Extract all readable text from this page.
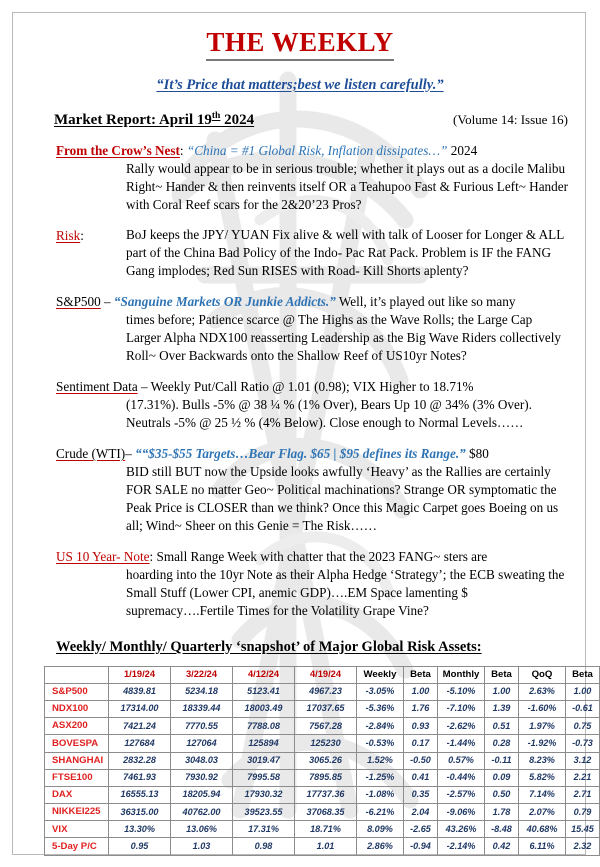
THE WEEKLY
“It’s Price that matters;best we listen carefully.”
Market Report: April 19th 2024	(Volume 14: Issue 16)

From the Crow’s Nest: “China = #1 Global Risk, Inflation dissipates…” 2024

Rally would appear to be in serious trouble; whether it plays out as a docile Malibu Right~ Hander & then reinvents itself OR a Teahupoo Fast & Furious Left~ Hander with Coral Reef scars for the 2&20’23 Pros?

Risk:	BoJ keeps the JPY/ YUAN Fix alive & well with talk of Looser for Longer & ALL part of the China Bad Policy of the Indo- Pac Rat Pack. Problem is IF the FANG Gang implodes; Red Sun RISES with Road- Kill Shorts aplenty?

S&P500 – “Sanguine Markets OR Junkie Addicts.” Well, it’s played out like so many

times before; Patience scarce @ The Highs as the Wave Rolls; the Large Cap Larger Alpha NDX100 reasserting Leadership as the Big Wave Riders collectively Roll~ Over Backwards onto the Shallow Reef of US10yr Notes?

Sentiment Data – Weekly Put/Call Ratio @ 1.01 (0.98); VIX Higher to 18.71%

(17.31%). Bulls -5% @ 38 ¼ % (1% Over), Bears Up 10 @ 34% (3% Over). Neutrals -5% @ 25 ½ % (4% Below). Close enough to Normal Levels……

Crude (WTI)– ““$35-$55 Targets…Bear Flag. $65 | $95 defines its Range.” $80

BID still BUT now the Upside looks awfully ‘Heavy’ as the Rallies are certainly FOR SALE no matter Geo~ Political machinations? Strange OR symptomatic the Peak Price is CLOSER than we think? Once this Magic Carpet goes Boeing on us all; Wind~ Sheer on this Genie = The Risk……

US 10 Year- Note: Small Range Week with chatter that the 2023 FANG~ sters are

hoarding into the 10yr Note as their Alpha Hedge ‘Strategy’; the ECB sweating the Small Stuff (Lower CPI, anemic GDP)….EM Space lamenting $ supremacy….Fertile Times for the Volatility Grape Vine?

Weekly/ Monthly/ Quarterly ‘snapshot’ of Major Global Risk Assets:
	1/19/24	3/22/24	4/12/24	4/19/24	Weekly	Beta	Monthly	Beta	QoQ	Beta
S&P500	4839.81	5234.18	5123.41	4967.23	-3.05%	1.00	-5.10%	1.00	2.63%	1.00
NDX100	17314.00	18339.44	18003.49	17037.65	-5.36%	1.76	-7.10%	1.39	-1.60%	-0.61
ASX200	7421.24	7770.55	7788.08	7567.28	-2.84%	0.93	-2.62%	0.51	1.97%	0.75
BOVESPA	127684	127064	125894	125230	-0.53%	0.17	-1.44%	0.28	-1.92%	-0.73
SHANGHAI	2832.28	3048.03	3019.47	3065.26	1.52%	-0.50	0.57%	-0.11	8.23%	3.12
FTSE100	7461.93	7930.92	7995.58	7895.85	-1.25%	0.41	-0.44%	0.09	5.82%	2.21
DAX	16555.13	18205.94	17930.32	17737.36	-1.08%	0.35	-2.57%	0.50	7.14%	2.71
NIKKEI225	36315.00	40762.00	39523.55	37068.35	-6.21%	2.04	-9.06%	1.78	2.07%	0.79
VIX	13.30%	13.06%	17.31%	18.71%	8.09%	-2.65	43.26%	-8.48	40.68%	15.45
5-Day P/C	0.95	1.03	0.98	1.01	2.86%	-0.94	-2.14%	0.42	6.11%	2.32
